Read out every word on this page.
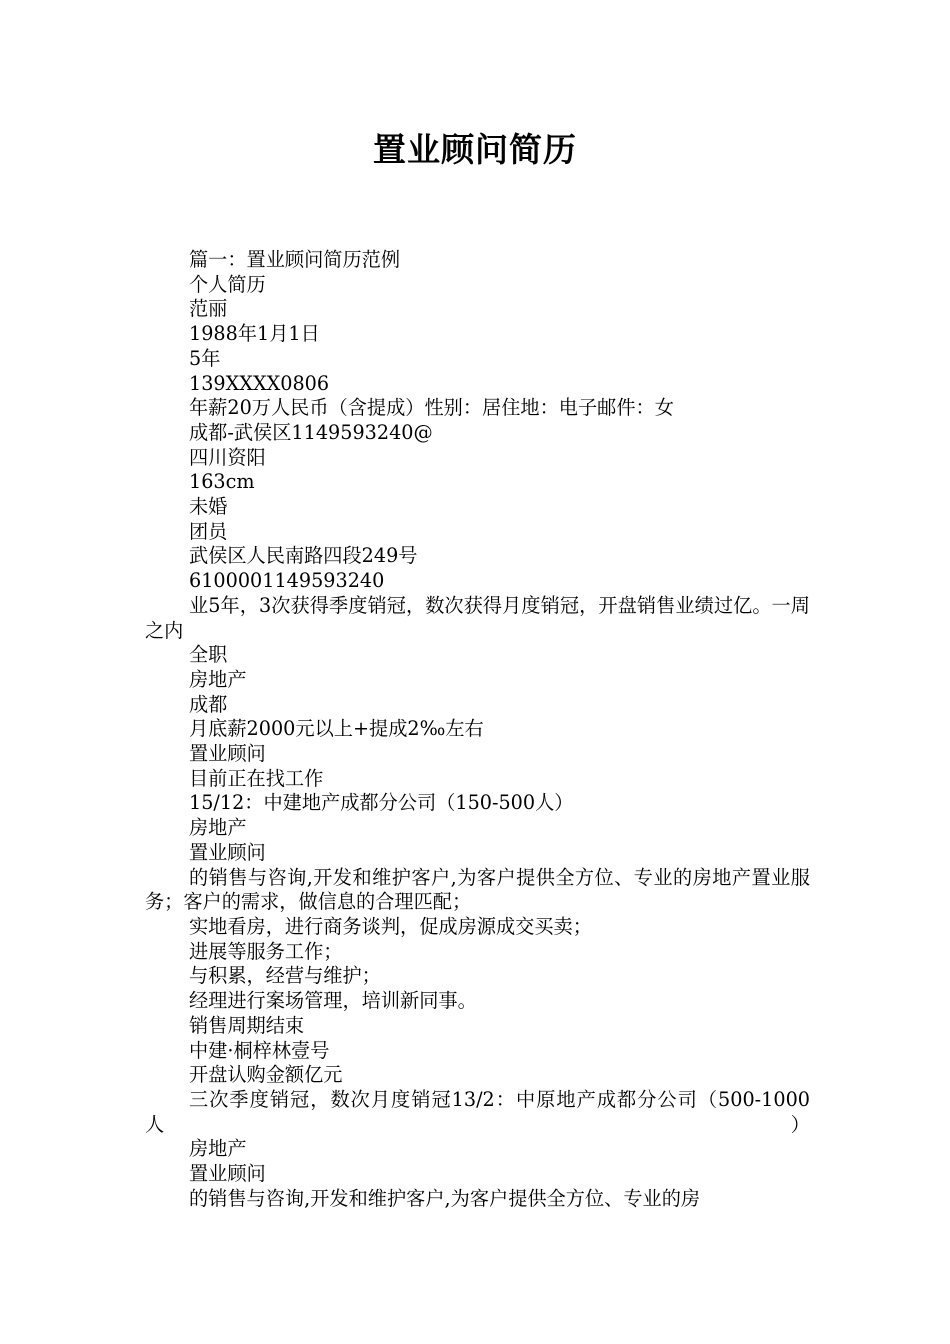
置业顾问简历
篇一：置业顾问简历范例
个人简历
范丽
1988年1月1日
5年
139XXXX0806
年薪20万人民币（含提成）性别：居住地：电子邮件：女
成都-武侯区1149593240@
四川资阳
163cm
未婚
团员
武侯区人民南路四段249号
6100001149593240
业5年，3次获得季度销冠，数次获得月度销冠，开盘销售业绩过亿。一周之内
全职
房地产
成都
月底薪2000元以上+提成2‰左右
置业顾问
目前正在找工作
15/12：中建地产成都分公司（150-500人）
房地产
置业顾问
的销售与咨询,开发和维护客户,为客户提供全方位、专业的房地产置业服务；客户的需求，做信息的合理匹配；
实地看房，进行商务谈判，促成房源成交买卖；
进展等服务工作；
与积累，经营与维护；
经理进行案场管理，培训新同事。
销售周期结束
中建·桐梓林壹号
开盘认购金额亿元
三次季度销冠，数次月度销冠13/2：中原地产成都分公司（500-1000人）
房地产
置业顾问
的销售与咨询,开发和维护客户,为客户提供全方位、专业的房
